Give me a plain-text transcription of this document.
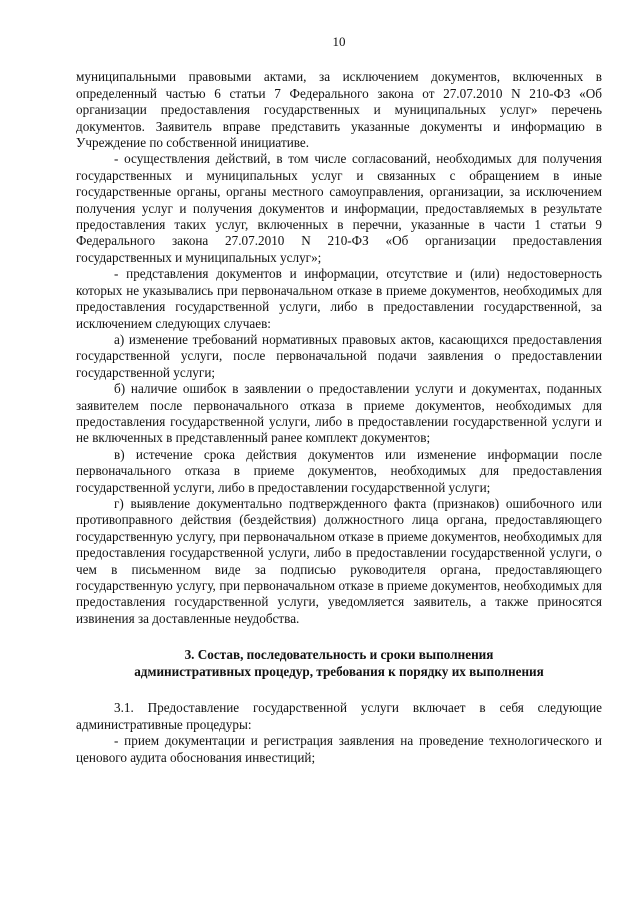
10

муниципальными правовыми актами, за исключением документов, включенных в определенный частью 6 статьи 7 Федерального закона от 27.07.2010 N 210-ФЗ «Об организации предоставления государственных и муниципальных услуг» перечень документов. Заявитель вправе представить указанные документы и информацию в Учреждение по собственной инициативе.

- осуществления действий, в том числе согласований, необходимых для получения государственных и муниципальных услуг и связанных с обращением в иные государственные органы, органы местного самоуправления, организации, за исключением получения услуг и получения документов и информации, предоставляемых в результате предоставления таких услуг, включенных в перечни, указанные в части 1 статьи 9 Федерального закона 27.07.2010 N 210-ФЗ «Об организации предоставления государственных и муниципальных услуг»;

- представления документов и информации, отсутствие и (или) недостоверность которых не указывались при первоначальном отказе в приеме документов, необходимых для предоставления государственной услуги, либо в предоставлении государственной, за исключением следующих случаев:

а) изменение требований нормативных правовых актов, касающихся предоставления государственной услуги, после первоначальной подачи заявления о предоставлении государственной услуги;

б) наличие ошибок в заявлении о предоставлении услуги и документах, поданных заявителем после первоначального отказа в приеме документов, необходимых для предоставления государственной услуги, либо в предоставлении государственной услуги и не включенных в представленный ранее комплект документов;

в) истечение срока действия документов или изменение информации после первоначального отказа в приеме документов, необходимых для предоставления государственной услуги, либо в предоставлении государственной услуги;

г) выявление документально подтвержденного факта (признаков) ошибочного или противоправного действия (бездействия) должностного лица органа, предоставляющего государственную услугу, при первоначальном отказе в приеме документов, необходимых для предоставления государственной услуги, либо в предоставлении государственной услуги, о чем в письменном виде за подписью руководителя органа, предоставляющего государственную услугу, при первоначальном отказе в приеме документов, необходимых для предоставления государственной услуги, уведомляется заявитель, а также приносятся извинения за доставленные неудобства.

3. Состав, последовательность и сроки выполнения
административных процедур, требования к порядку их выполнения

3.1. Предоставление государственной услуги включает в себя следующие административные процедуры:

- прием документации и регистрация заявления на проведение технологического и ценового аудита обоснования инвестиций;
